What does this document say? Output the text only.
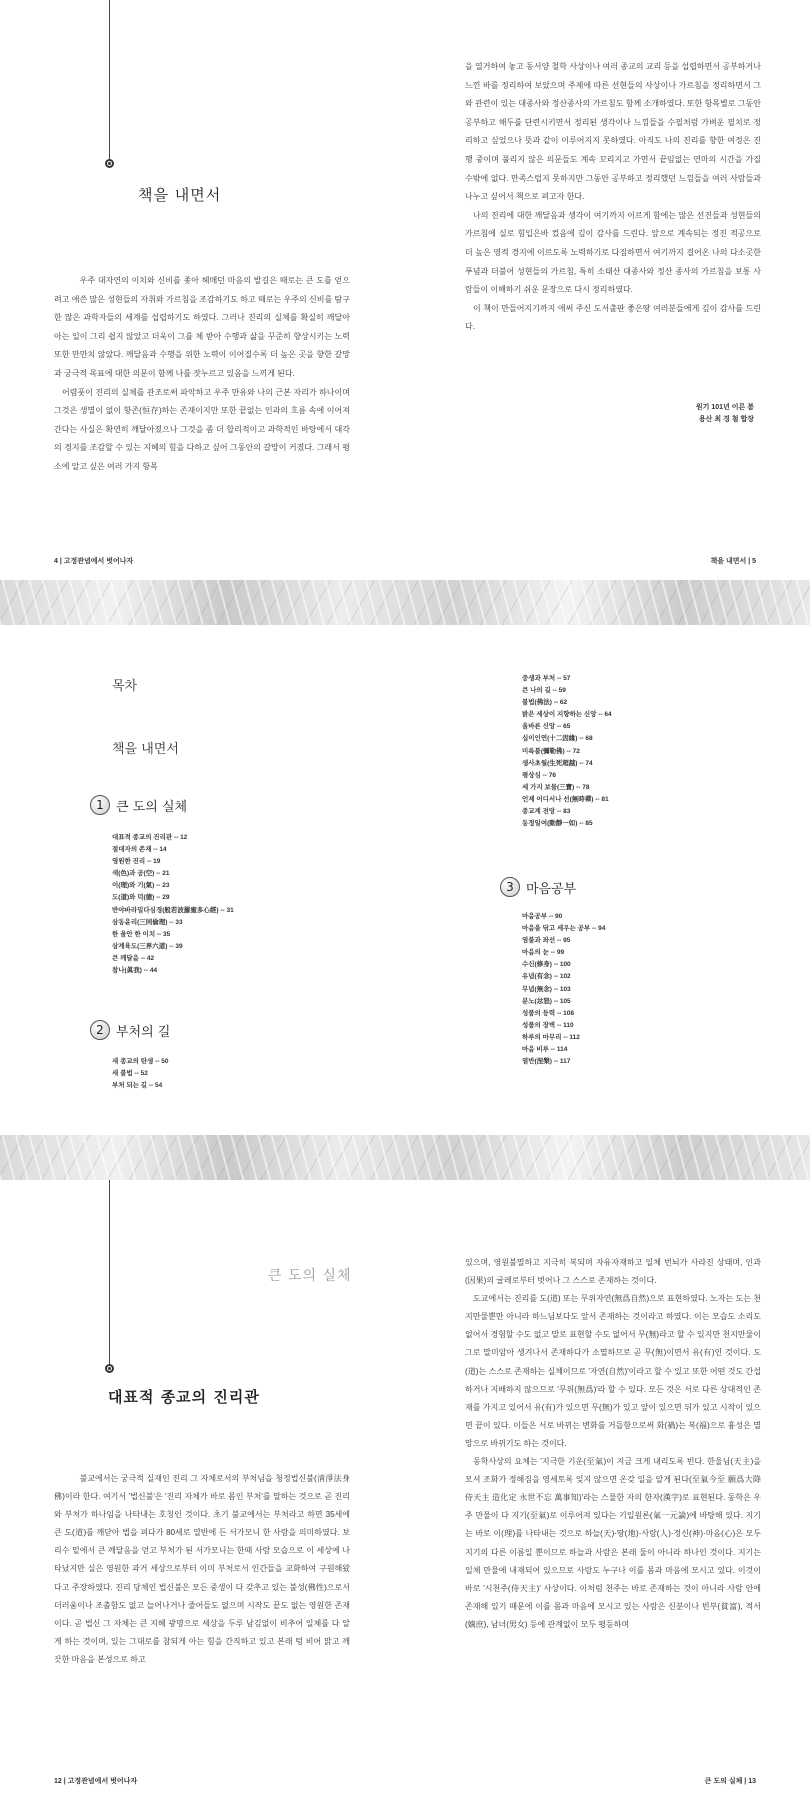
책을 내면서

우주 대자연의 이치와 신비를 좇아 헤매던 마음의 발길은 때로는 큰 도를 얻으려고 애쓴 많은 성현들의 자취와 가르침을 조감하기도 하고 때로는 우주의 신비를 탐구한 많은 과학자들의 세계를 섭렵하기도 하였다. 그러나 진리의 실체를 확실히 깨달아 아는 일이 그리 쉽지 않았고 더욱이 그를 체 받아 수행과 삶을 꾸준히 향상시키는 노력 또한 만만치 않았다. 깨달음과 수행을 위한 노력이 이어질수록 더 높은 곳을 향한 갈망과 궁극적 목표에 대한 의문이 함께 나를 잣누르고 있음을 느끼게 된다.

어렴풋이 진리의 실체를 관조로써 파악하고 우주 만유와 나의 근본 자리가 하나이며 그것은 생멸이 없이 항존(恒存)하는 존재이지만 또한 끝없는 인과의 흐름 속에 이어져 간다는 사실은 확연히 깨달아졌으나 그것을 좀 더 합리적이고 과학적인 바탕에서 대각의 경지를 조감할 수 있는 지혜의 힘을 다하고 싶어 그동안의 갈망이 커졌다. 그래서 평소에 알고 싶은 여러 가지 항목

을 열거하여 놓고 동서양 철학 사상이나 여러 종교의 교리 등을 섭렵하면서 공부하거나 느낀 바를 정리하여 보았으며 주제에 따른 선현들의 사상이나 가르침을 정리하면서 그와 관련이 있는 대종사와 정산종사의 가르침도 함께 소개하였다. 또한 항목별로 그동안 공부하고 해두를 단련시키면서 정리된 생각이나 느낌들을 수필처럼 가벼운 필치로 정리하고 싶었으나 뜻과 같이 이루어지지 못하였다. 아직도 나의 진리를 향한 여정은 진행 중이며 풀리지 않은 의문들도 계속 꼬리지고 가면서 끝임없는 연마의 시간을 가질 수밖에 없다. 만족스럽지 못하지만 그동안 공부하고 정리했던 느낌들을 여러 사람들과 나누고 싶어서 책으로 펴고자 한다.

나의 진리에 대한 깨달음과 생각이 여기까지 이르게 함에는 많은 선진들과 성현들의 가르침에 실로 힘입은바 컸음에 깊이 감사를 드린다. 앞으로 계속되는 정진 적공으로 더 높은 영적 경지에 이르도록 노력하기로 다짐하면서 여기까지 걸어온 나의 다소곳한 푸념과 더불어 성현들의 가르침, 특히 소태산 대종사와 정산 종사의 가르침을 보통 사람들이 이해하기 쉬운 문장으로 다시 정리하였다.

이 책이 만들어지기까지 애써 주신 도서출판 좋은땅 여러분들에게 깊이 감사를 드린다.

원기 101년 이른 봄
용산 최 경 철 합장
4 | 고정관념에서 벗어나자	책을 내면서 | 5
목차
책을 내면서
1 큰 도의 실체
대표적 종교의 진리관 -- 12
절대자의 존재 -- 14
영원한 진리 -- 19
색(色)과 공(空) -- 21
이(理)와 기(氣) -- 23
도(道)와 덕(德) -- 29
반야바라밀다심경(般若波羅蜜多心經) -- 31
삼동윤리(三同倫理) -- 33
한 울안 한 이치 -- 35
삼계육도(三界六道) -- 39
큰 깨달음 -- 42
참나(眞我) -- 44
2 부처의 길
새 종교의 탄생 -- 50
새 불법 -- 52
부처 되는 길 -- 54
중생과 부처 -- 57
큰 나의 길 -- 59
불법(佛法) -- 62
밝은 세상이 지향하는 신앙 -- 64
올바른 신앙 -- 65
십이인연(十二因緣) -- 68
미륵불(彌勒佛) -- 72
생사초월(生死超越) -- 74
평상심 -- 76
세 가지 보물(三寶) -- 78
언제 어디서나 선(無時禪) -- 81
종교계 전망 -- 83
동정일여(動靜一如) -- 85
3 마음공부
마음공부 -- 90
마음을 닦고 세우는 공부 -- 94
염불과 좌선 -- 95
마음의 눈 -- 99
수신(修身) -- 100
유념(有念) -- 102
무념(無念) -- 103
분노(忿怒) -- 105
성품의 등력 -- 108
성품의 장벽 -- 110
하루의 마무리 -- 112
마음 비루 -- 114
열반(涅槃) -- 117
큰 도의 실체
대표적 종교의 진리관

불교에서는 궁극적 실재인 진리 그 자체로서의 부처님을 청정법신불(淸淨法身佛)이라 한다. 여기서 '법신불'은 '진리 자체가 바로 몸인 부처'를 말하는 것으로 곧 진리와 부처가 하나임을 나타내는 호칭인 것이다. 초기 불교에서는 부처라고 하면 35세에 큰 도(道)를 깨닫아 법을 펴다가 80세로 열반에 든 서가모니 한 사람을 의미하였다. 보리수 밑에서 큰 깨달음을 얻고 부처가 된 서가모니는 한때 사람 모습으로 이 세상에 나타났지만 실은 영원한 과거 세상으로부터 이미 부처로서 인간들을 교화하여 구원해왔다고 주장하였다. 진리 당체인 법신불은 모든 중생이 다 갖추고 있는 불성(佛性)으로서 더러움이나 조촐함도 없고 늘어나거나 줄어들도 없으며 시작도 끝도 없는 영원한 존재이다. 곧 법신 그 자체는 큰 지혜 광명으로 세상을 두루 남김없이 비추어 일체를 다 알게 하는 것이며, 있는 그대로를 참되게 아는 힘을 간직하고 있고 본래 텅 비어 맑고 깨끗한 마음을 본성으로 하고

있으며, 영원불멸하고 지극히 복되며 자유자재하고 일체 번뇌가 사라진 상태며, 인과(因果)의 굴레로부터 벗어나 그 스스로 존재하는 것이다.

도교에서는 진리를 도(道) 또는 무위자연(無爲自然)으로 표현하였다. 노자는 도는 천지만물뿐만 아니라 하느님보다도 앞서 존재하는 것이라고 하였다. 이는 모습도 소리도 없어서 경험할 수도 없고 말로 표현할 수도 없어서 무(無)라고 할 수 있지만 천지만물이 그로 말미암아 생겨나서 존재하다가 소멸하므로 곧 무(無)이면서 유(有)인 것이다. 도(道)는 스스로 존재하는 실체이므로 '자연(自然)'이라고 할 수 있고 또한 어떤 것도 간섭하거나 지배하지 않으므로 '무위(無爲)'라 할 수 있다. 모든 것은 서로 다른 상대적인 존재를 가지고 있어서 유(有)가 있으면 무(無)가 있고 앞이 있으면 뒤가 있고 시작이 있으면 끝이 있다. 이들은 서로 바뀌는 변화를 거듭함으로써 화(禍)는 복(福)으로 흉성은 멸망으로 바뀌기도 하는 것이다.

동학사상의 요체는 '지극한 기운(至氣)이 지금 크게 내리도록 빈다. 한울님(天主)을 모셔 조화가 정해짐을 영세토록 잊지 않으면 온갖 일을 알게 된다(至氣今至 願爲大降 侍天主 造化定 永世不忘 萬事知)'라는 스물한 자의 한자(漢字)로 표현된다. 동학은 우주 만물이 다 지기(至氣)로 이루어져 있다는 기일원론(氣一元論)에 바탕해 있다. 지기는 바로 이(理)를 나타내는 것으로 하늘(天)·땅(地)·사람(人)·정신(神)·마음(心)은 모두 지기의 다른 이름일 뿐이므로 하늘과 사람은 본래 둘이 아니라 하나인 것이다. 지기는 일체 만물에 내재되어 있으므로 사람도 누구나 이를 몸과 마음에 모시고 있다. 이것이 바로 '시천주(侍天主)' 사상이다. 이처럼 천주는 바로 존재하는 것이 아니라 사람 안에 존재해 있기 때문에 이를 몸과 마음에 모시고 있는 사람은 신분이나 빈부(貧富), 적서(嫡庶), 남녀(男女) 등에 관계없이 모두 평등하며

12 | 고정관념에서 벗어나자	큰 도의 실체 | 13
